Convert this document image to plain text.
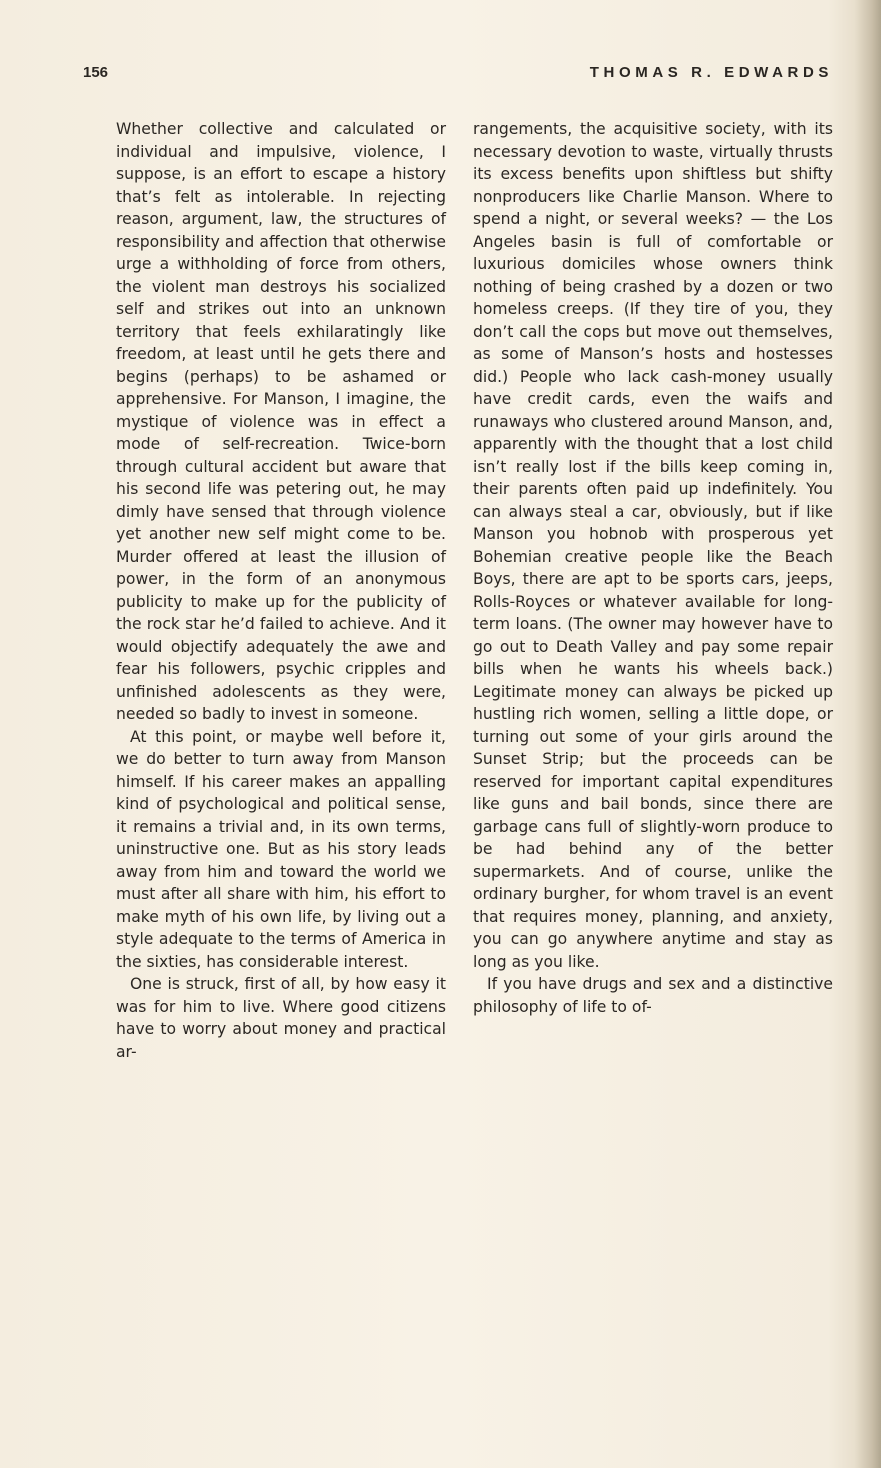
156	THOMAS R. EDWARDS

Whether collective and calculated or individual and impulsive, violence, I suppose, is an effort to escape a history that’s felt as intolerable. In rejecting reason, argument, law, the structures of responsibility and affection that otherwise urge a withholding of force from others, the violent man destroys his socialized self and strikes out into an unknown territory that feels exhilaratingly like freedom, at least until he gets there and begins (perhaps) to be ashamed or apprehensive. For Manson, I imagine, the mystique of violence was in effect a mode of self-recreation. Twice-born through cultural accident but aware that his second life was petering out, he may dimly have sensed that through violence yet another new self might come to be. Murder offered at least the illusion of power, in the form of an anonymous publicity to make up for the publicity of the rock star he’d failed to achieve. And it would objectify adequately the awe and fear his followers, psychic cripples and unfinished adolescents as they were, needed so badly to invest in someone.

At this point, or maybe well before it, we do better to turn away from Manson himself. If his career makes an appalling kind of psychological and political sense, it remains a trivial and, in its own terms, uninstructive one. But as his story leads away from him and toward the world we must after all share with him, his effort to make myth of his own life, by living out a style adequate to the terms of America in the sixties, has considerable interest.

One is struck, first of all, by how easy it was for him to live. Where good citizens have to worry about money and practical ar-

rangements, the acquisitive society, with its necessary devotion to waste, virtually thrusts its excess benefits upon shiftless but shifty nonproducers like Charlie Manson. Where to spend a night, or several weeks? — the Los Angeles basin is full of comfortable or luxurious domiciles whose owners think nothing of being crashed by a dozen or two homeless creeps. (If they tire of you, they don’t call the cops but move out themselves, as some of Manson’s hosts and hostesses did.) People who lack cash-money usually have credit cards, even the waifs and runaways who clustered around Manson, and, apparently with the thought that a lost child isn’t really lost if the bills keep coming in, their parents often paid up indefinitely. You can always steal a car, obviously, but if like Manson you hobnob with prosperous yet Bohemian creative people like the Beach Boys, there are apt to be sports cars, jeeps, Rolls-Royces or whatever available for long-term loans. (The owner may however have to go out to Death Valley and pay some repair bills when he wants his wheels back.) Legitimate money can always be picked up hustling rich women, selling a little dope, or turning out some of your girls around the Sunset Strip; but the proceeds can be reserved for important capital expenditures like guns and bail bonds, since there are garbage cans full of slightly-worn produce to be had behind any of the better supermarkets. And of course, unlike the ordinary burgher, for whom travel is an event that requires money, planning, and anxiety, you can go anywhere anytime and stay as long as you like.

If you have drugs and sex and a distinctive philosophy of life to of-
